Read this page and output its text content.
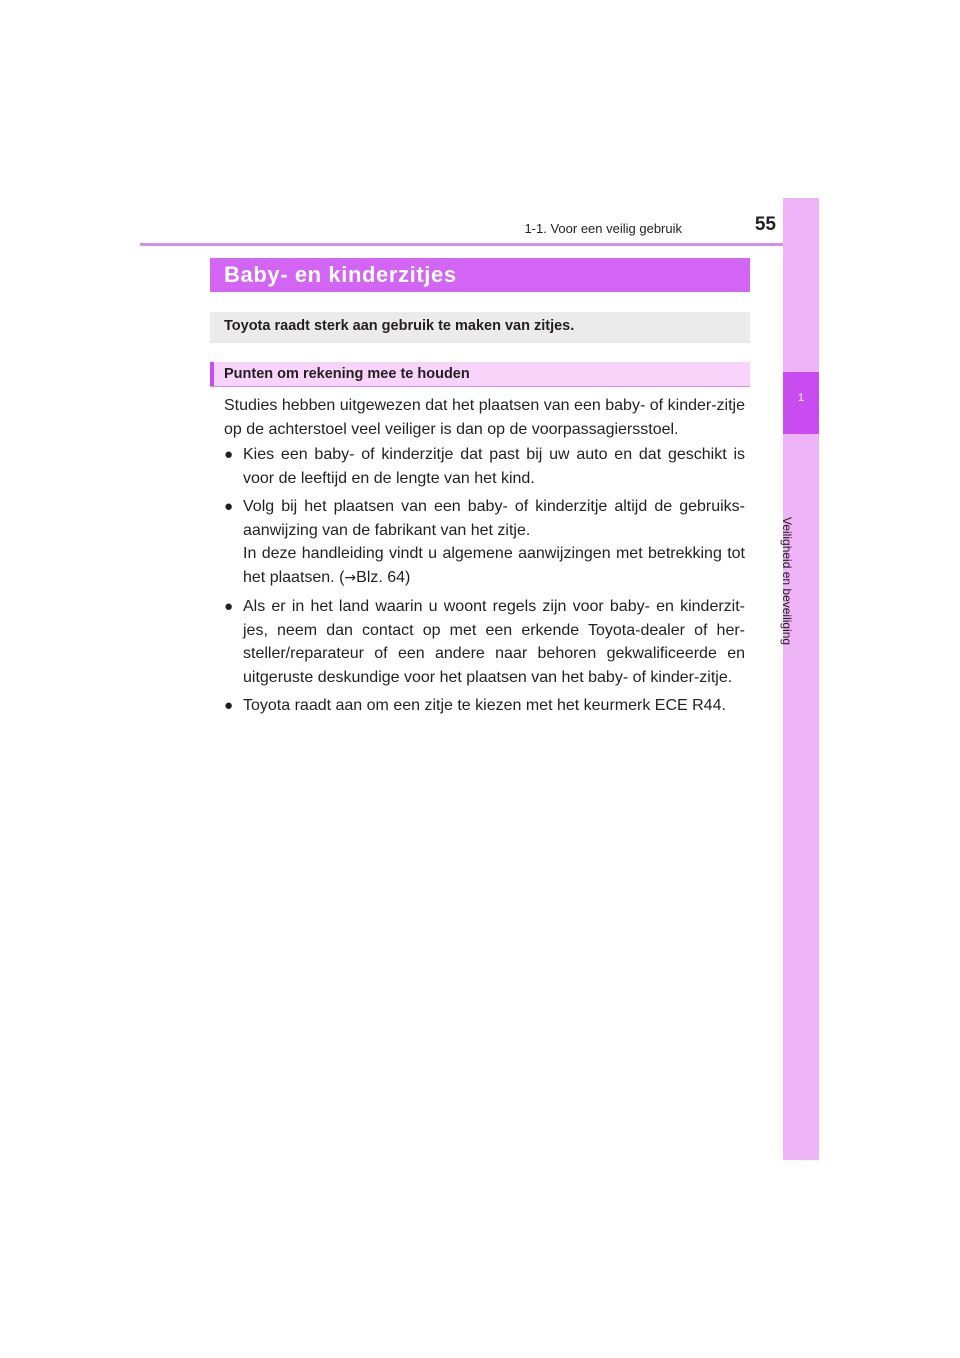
1-1. Voor een veilig gebruik	55
1
Veiligheid en beveiliging
Baby- en kinderzitjes
Toyota raadt sterk aan gebruik te maken van zitjes.
Punten om rekening mee te houden

Studies hebben uitgewezen dat het plaatsen van een baby- of kinder-zitje op de achterstoel veel veiliger is dan op de voorpassagiersstoel.

● Kies een baby- of kinderzitje dat past bij uw auto en dat geschikt is voor de leeftijd en de lengte van het kind.
● Volg bij het plaatsen van een baby- of kinderzitje altijd de gebruiks-aanwijzing van de fabrikant van het zitje.
In deze handleiding vindt u algemene aanwijzingen met betrekking tot het plaatsen. (→Blz. 64)
● Als er in het land waarin u woont regels zijn voor baby- en kinderzit-jes, neem dan contact op met een erkende Toyota-dealer of her-steller/reparateur of een andere naar behoren gekwalificeerde en uitgeruste deskundige voor het plaatsen van het baby- of kinder-zitje.
● Toyota raadt aan om een zitje te kiezen met het keurmerk ECE R44.
